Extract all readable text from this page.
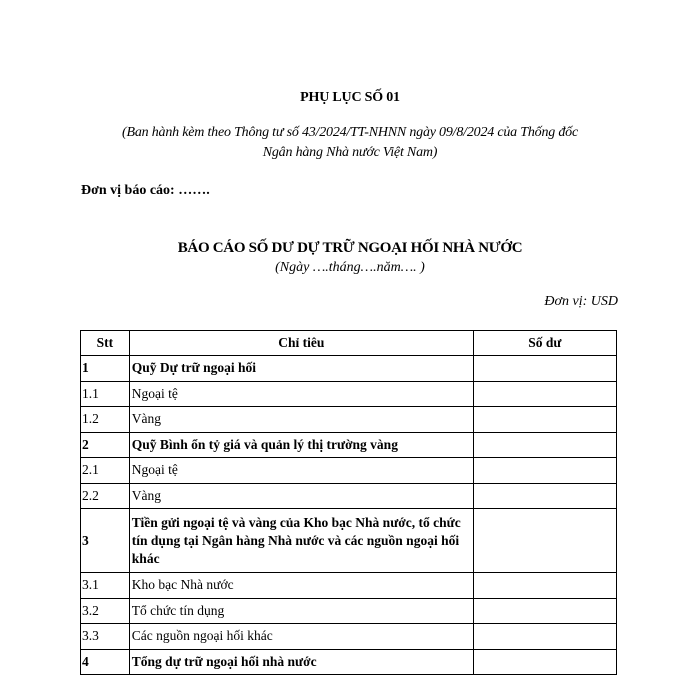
PHỤ LỤC SỐ 01
(Ban hành kèm theo Thông tư số 43/2024/TT-NHNN ngày 09/8/2024 của Thống đốc
Ngân hàng Nhà nước Việt Nam)
Đơn vị báo cáo: …….
BÁO CÁO SỐ DƯ DỰ TRỮ NGOẠI HỐI NHÀ NƯỚC
(Ngày ….tháng….năm…. )
Đơn vị: USD
Stt	Chỉ tiêu	Số dư
1	Quỹ Dự trữ ngoại hối	
1.1	Ngoại tệ	
1.2	Vàng	
2	Quỹ Bình ổn tỷ giá và quản lý thị trường vàng	
2.1	Ngoại tệ	
2.2	Vàng	
3	Tiền gửi ngoại tệ và vàng của Kho bạc Nhà nước, tổ chức tín dụng tại Ngân hàng Nhà nước và các nguồn ngoại hối khác	
3.1	Kho bạc Nhà nước	
3.2	Tổ chức tín dụng	
3.3	Các nguồn ngoại hối khác	
4	Tổng dự trữ ngoại hối nhà nước	
